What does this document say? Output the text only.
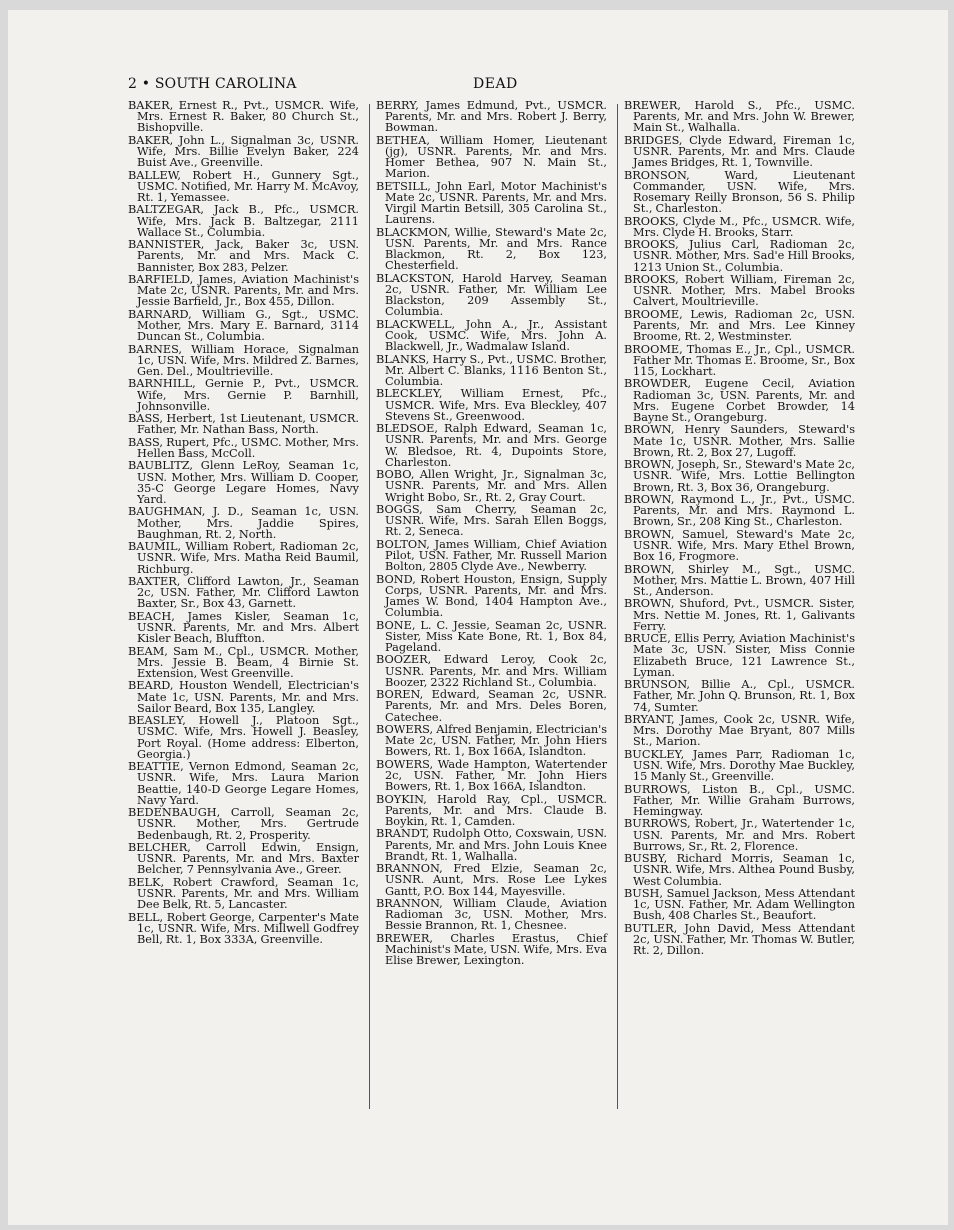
2 • SOUTH CAROLINA	DEAD

BAKER, Ernest R., Pvt., USMCR. Wife, Mrs. Ernest R. Baker, 80 Church St., Bishopville.

BAKER, John L., Signalman 3c, USNR. Wife, Mrs. Billie Evelyn Baker, 224 Buist Ave., Greenville.

BALLEW, Robert H., Gunnery Sgt., USMC. Notified, Mr. Harry M. McAvoy, Rt. 1, Yemassee.

BALTZEGAR, Jack B., Pfc., USMCR. Wife, Mrs. Jack B. Baltzegar, 2111 Wallace St., Columbia.

BANNISTER, Jack, Baker 3c, USN. Parents, Mr. and Mrs. Mack C. Bannister, Box 283, Pelzer.

BARFIELD, James, Aviation Machinist's Mate 2c, USNR. Parents, Mr. and Mrs. Jessie Barfield, Jr., Box 455, Dillon.

BARNARD, William G., Sgt., USMC. Mother, Mrs. Mary E. Barnard, 3114 Duncan St., Columbia.

BARNES, William Horace, Signalman 1c, USN. Wife, Mrs. Mildred Z. Barnes, Gen. Del., Moultrieville.

BARNHILL, Gernie P., Pvt., USMCR. Wife, Mrs. Gernie P. Barnhill, Johnsonville.

BASS, Herbert, 1st Lieutenant, USMCR. Father, Mr. Nathan Bass, North.

BASS, Rupert, Pfc., USMC. Mother, Mrs. Hellen Bass, McColl.

BAUBLITZ, Glenn LeRoy, Seaman 1c, USN. Mother, Mrs. William D. Cooper, 35-C George Legare Homes, Navy Yard.

BAUGHMAN, J. D., Seaman 1c, USN. Mother, Mrs. Jaddie Spires, Baughman, Rt. 2, North.

BAUMIL, William Robert, Radioman 2c, USNR. Wife, Mrs. Matha Reid Baumil, Richburg.

BAXTER, Clifford Lawton, Jr., Seaman 2c, USN. Father, Mr. Clifford Lawton Baxter, Sr., Box 43, Garnett.

BEACH, James Kisler, Seaman 1c, USNR. Parents, Mr. and Mrs. Albert Kisler Beach, Bluffton.

BEAM, Sam M., Cpl., USMCR. Mother, Mrs. Jessie B. Beam, 4 Birnie St. Extension, West Greenville.

BEARD, Houston Wendell, Electrician's Mate 1c, USN. Parents, Mr. and Mrs. Sailor Beard, Box 135, Langley.

BEASLEY, Howell J., Platoon Sgt., USMC. Wife, Mrs. Howell J. Beasley, Port Royal. (Home address: Elberton, Georgia.)

BEATTIE, Vernon Edmond, Seaman 2c, USNR. Wife, Mrs. Laura Marion Beattie, 140-D George Legare Homes, Navy Yard.

BEDENBAUGH, Carroll, Seaman 2c, USNR. Mother, Mrs. Gertrude Bedenbaugh, Rt. 2, Prosperity.

BELCHER, Carroll Edwin, Ensign, USNR. Parents, Mr. and Mrs. Baxter Belcher, 7 Pennsylvania Ave., Greer.

BELK, Robert Crawford, Seaman 1c, USNR. Parents, Mr. and Mrs. William Dee Belk, Rt. 5, Lancaster.

BELL, Robert George, Carpenter's Mate 1c, USNR. Wife, Mrs. Millwell Godfrey Bell, Rt. 1, Box 333A, Greenville.

BERRY, James Edmund, Pvt., USMCR. Parents, Mr. and Mrs. Robert J. Berry, Bowman.

BETHEA, William Homer, Lieutenant (jg), USNR. Parents, Mr. and Mrs. Homer Bethea, 907 N. Main St., Marion.

BETSILL, John Earl, Motor Machinist's Mate 2c, USNR. Parents, Mr. and Mrs. Virgil Martin Betsill, 305 Carolina St., Laurens.

BLACKMON, Willie, Steward's Mate 2c, USN. Parents, Mr. and Mrs. Rance Blackmon, Rt. 2, Box 123, Chesterfield.

BLACKSTON, Harold Harvey, Seaman 2c, USNR. Father, Mr. William Lee Blackston, 209 Assembly St., Columbia.

BLACKWELL, John A., Jr., Assistant Cook, USMC. Wife, Mrs. John A. Blackwell, Jr., Wadmalaw Island.

BLANKS, Harry S., Pvt., USMC. Brother, Mr. Albert C. Blanks, 1116 Benton St., Columbia.

BLECKLEY, William Ernest, Pfc., USMCR. Wife, Mrs. Eva Bleckley, 407 Stevens St., Greenwood.

BLEDSOE, Ralph Edward, Seaman 1c, USNR. Parents, Mr. and Mrs. George W. Bledsoe, Rt. 4, Dupoints Store, Charleston.

BOBO, Allen Wright, Jr., Signalman 3c, USNR. Parents, Mr. and Mrs. Allen Wright Bobo, Sr., Rt. 2, Gray Court.

BOGGS, Sam Cherry, Seaman 2c, USNR. Wife, Mrs. Sarah Ellen Boggs, Rt. 2, Seneca.

BOLTON, James William, Chief Aviation Pilot, USN. Father, Mr. Russell Marion Bolton, 2805 Clyde Ave., Newberry.

BOND, Robert Houston, Ensign, Supply Corps, USNR. Parents, Mr. and Mrs. James W. Bond, 1404 Hampton Ave., Columbia.

BONE, L. C. Jessie, Seaman 2c, USNR. Sister, Miss Kate Bone, Rt. 1, Box 84, Pageland.

BOOZER, Edward Leroy, Cook 2c, USNR. Parents, Mr. and Mrs. William Boozer, 2322 Richland St., Columbia.

BOREN, Edward, Seaman 2c, USNR. Parents, Mr. and Mrs. Deles Boren, Catechee.

BOWERS, Alfred Benjamin, Electrician's Mate 2c, USN. Father, Mr. John Hiers Bowers, Rt. 1, Box 166A, Islandton.

BOWERS, Wade Hampton, Watertender 2c, USN. Father, Mr. John Hiers Bowers, Rt. 1, Box 166A, Islandton.

BOYKIN, Harold Ray, Cpl., USMCR. Parents, Mr. and Mrs. Claude B. Boykin, Rt. 1, Camden.

BRANDT, Rudolph Otto, Coxswain, USN. Parents, Mr. and Mrs. John Louis Knee Brandt, Rt. 1, Walhalla.

BRANNON, Fred Elzie, Seaman 2c, USNR. Aunt, Mrs. Rose Lee Lykes Gantt, P.O. Box 144, Mayesville.

BRANNON, William Claude, Aviation Radioman 3c, USN. Mother, Mrs. Bessie Brannon, Rt. 1, Chesnee.

BREWER, Charles Erastus, Chief Machinist's Mate, USN. Wife, Mrs. Eva Elise Brewer, Lexington.

BREWER, Harold S., Pfc., USMC. Parents, Mr. and Mrs. John W. Brewer, Main St., Walhalla.

BRIDGES, Clyde Edward, Fireman 1c, USNR. Parents, Mr. and Mrs. Claude James Bridges, Rt. 1, Townville.

BRONSON, Ward, Lieutenant Commander, USN. Wife, Mrs. Rosemary Reilly Bronson, 56 S. Philip St., Charleston.

BROOKS, Clyde M., Pfc., USMCR. Wife, Mrs. Clyde H. Brooks, Starr.

BROOKS, Julius Carl, Radioman 2c, USNR. Mother, Mrs. Sad'e Hill Brooks, 1213 Union St., Columbia.

BROOKS, Robert William, Fireman 2c, USNR. Mother, Mrs. Mabel Brooks Calvert, Moultrieville.

BROOME, Lewis, Radioman 2c, USN. Parents, Mr. and Mrs. Lee Kinney Broome, Rt. 2, Westminster.

BROOME, Thomas E., Jr., Cpl., USMCR. Father Mr. Thomas E. Broome, Sr., Box 115, Lockhart.

BROWDER, Eugene Cecil, Aviation Radioman 3c, USN. Parents, Mr. and Mrs. Eugene Corbet Browder, 14 Bayne St., Orangeburg.

BROWN, Henry Saunders, Steward's Mate 1c, USNR. Mother, Mrs. Sallie Brown, Rt. 2, Box 27, Lugoff.

BROWN, Joseph, Sr., Steward's Mate 2c, USNR. Wife, Mrs. Lottie Bellington Brown, Rt. 3, Box 36, Orangeburg.

BROWN, Raymond L., Jr., Pvt., USMC. Parents, Mr. and Mrs. Raymond L. Brown, Sr., 208 King St., Charleston.

BROWN, Samuel, Steward's Mate 2c, USNR. Wife, Mrs. Mary Ethel Brown, Box 16, Frogmore.

BROWN, Shirley M., Sgt., USMC. Mother, Mrs. Mattie L. Brown, 407 Hill St., Anderson.

BROWN, Shuford, Pvt., USMCR. Sister, Mrs. Nettie M. Jones, Rt. 1, Galivants Ferry.

BRUCE, Ellis Perry, Aviation Machinist's Mate 3c, USN. Sister, Miss Connie Elizabeth Bruce, 121 Lawrence St., Lyman.

BRUNSON, Billie A., Cpl., USMCR. Father, Mr. John Q. Brunson, Rt. 1, Box 74, Sumter.

BRYANT, James, Cook 2c, USNR. Wife, Mrs. Dorothy Mae Bryant, 807 Mills St., Marion.

BUCKLEY, James Parr, Radioman 1c, USN. Wife, Mrs. Dorothy Mae Buckley, 15 Manly St., Greenville.

BURROWS, Liston B., Cpl., USMC. Father, Mr. Willie Graham Burrows, Hemingway.

BURROWS, Robert, Jr., Watertender 1c, USN. Parents, Mr. and Mrs. Robert Burrows, Sr., Rt. 2, Florence.

BUSBY, Richard Morris, Seaman 1c, USNR. Wife, Mrs. Althea Pound Busby, West Columbia.

BUSH, Samuel Jackson, Mess Attendant 1c, USN. Father, Mr. Adam Wellington Bush, 408 Charles St., Beaufort.

BUTLER, John David, Mess Attendant 2c, USN. Father, Mr. Thomas W. Butler, Rt. 2, Dillon.
